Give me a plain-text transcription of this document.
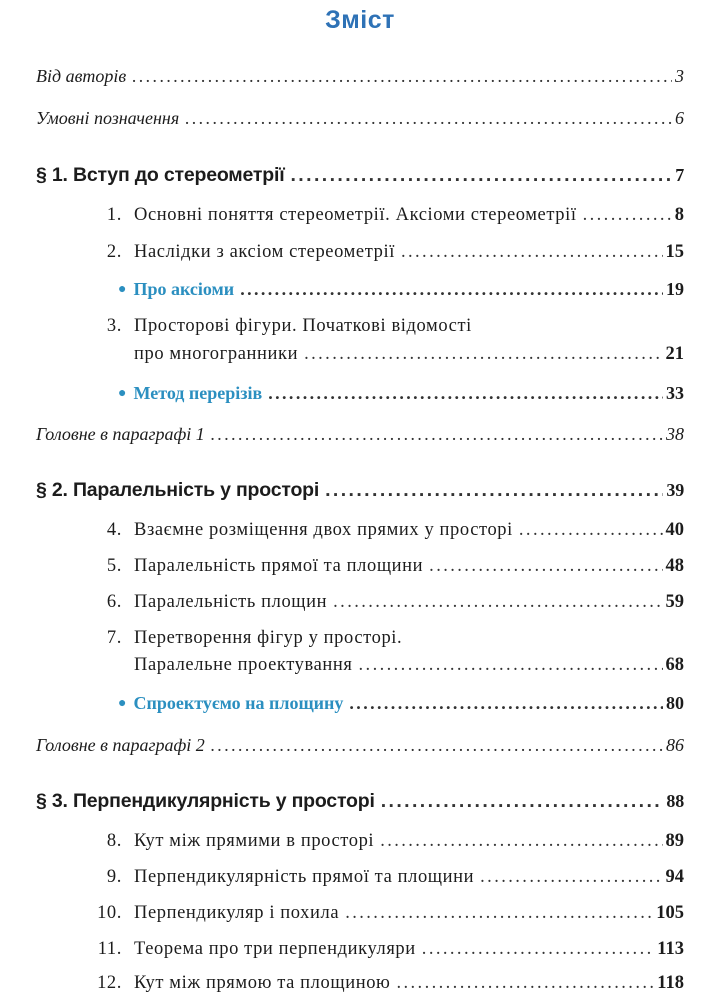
Зміст
Від авторів .....	3
Умовні позначення .....	6
§ 1. Вступ до стереометрії .....	7
1. Основні поняття стереометрії. Аксіоми стереометрії .....	8
2. Наслідки з аксіом стереометрії .....	15
● Про аксіоми .....	19
3. Просторові фігури. Початкові відомості
про многогранники .....	21
● Метод перерізів .....	33
Головне в параграфі 1 .....	38
§ 2. Паралельність у просторі .....	39
4. Взаємне розміщення двох прямих у просторі .....	40
5. Паралельність прямої та площини .....	48
6. Паралельність площин .....	59
7. Перетворення фігур у просторі.
Паралельне проектування .....	68
● Спроектуємо на площину .....	80
Головне в параграфі 2 .....	86
§ 3. Перпендикулярність у просторі .....	88
8. Кут між прямими в просторі .....	89
9. Перпендикулярність прямої та площини .....	94
10. Перпендикуляр і похила .....	105
11. Теорема про три перпендикуляри .....	113
12. Кут між прямою та площиною .....	118
